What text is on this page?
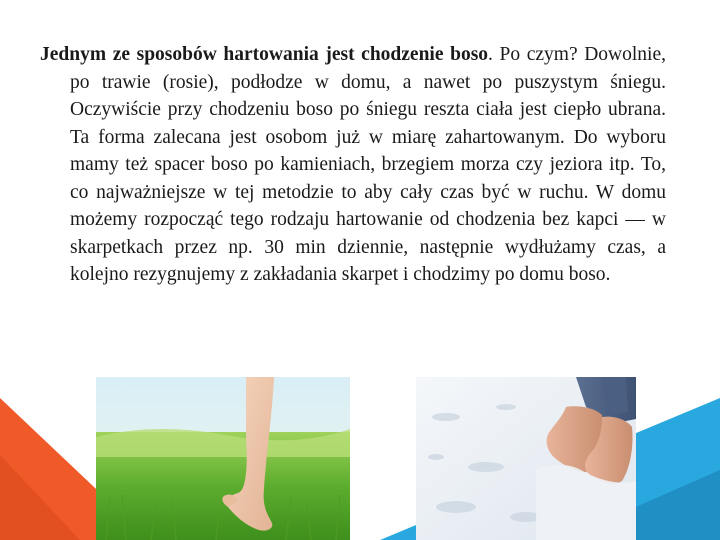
Jednym ze sposobów hartowania jest chodzenie boso. Po czym? Dowolnie, po trawie (rosie), podłodze w domu, a nawet po puszystym śniegu. Oczywiście przy chodzeniu boso po śniegu reszta ciała jest ciepło ubrana. Ta forma zalecana jest osobom już w miarę zahartowanym. Do wyboru mamy też spacer boso po kamieniach, brzegiem morza czy jeziora itp. To, co najważniejsze w tej metodzie to aby cały czas być w ruchu. W domu możemy rozpocząć tego rodzaju hartowanie od chodzenia bez kapci — w skarpetkach przez np. 30 min dziennie, następnie wydłużamy czas, a kolejno rezygnujemy z zakładania skarpet i chodzimy po domu boso.
